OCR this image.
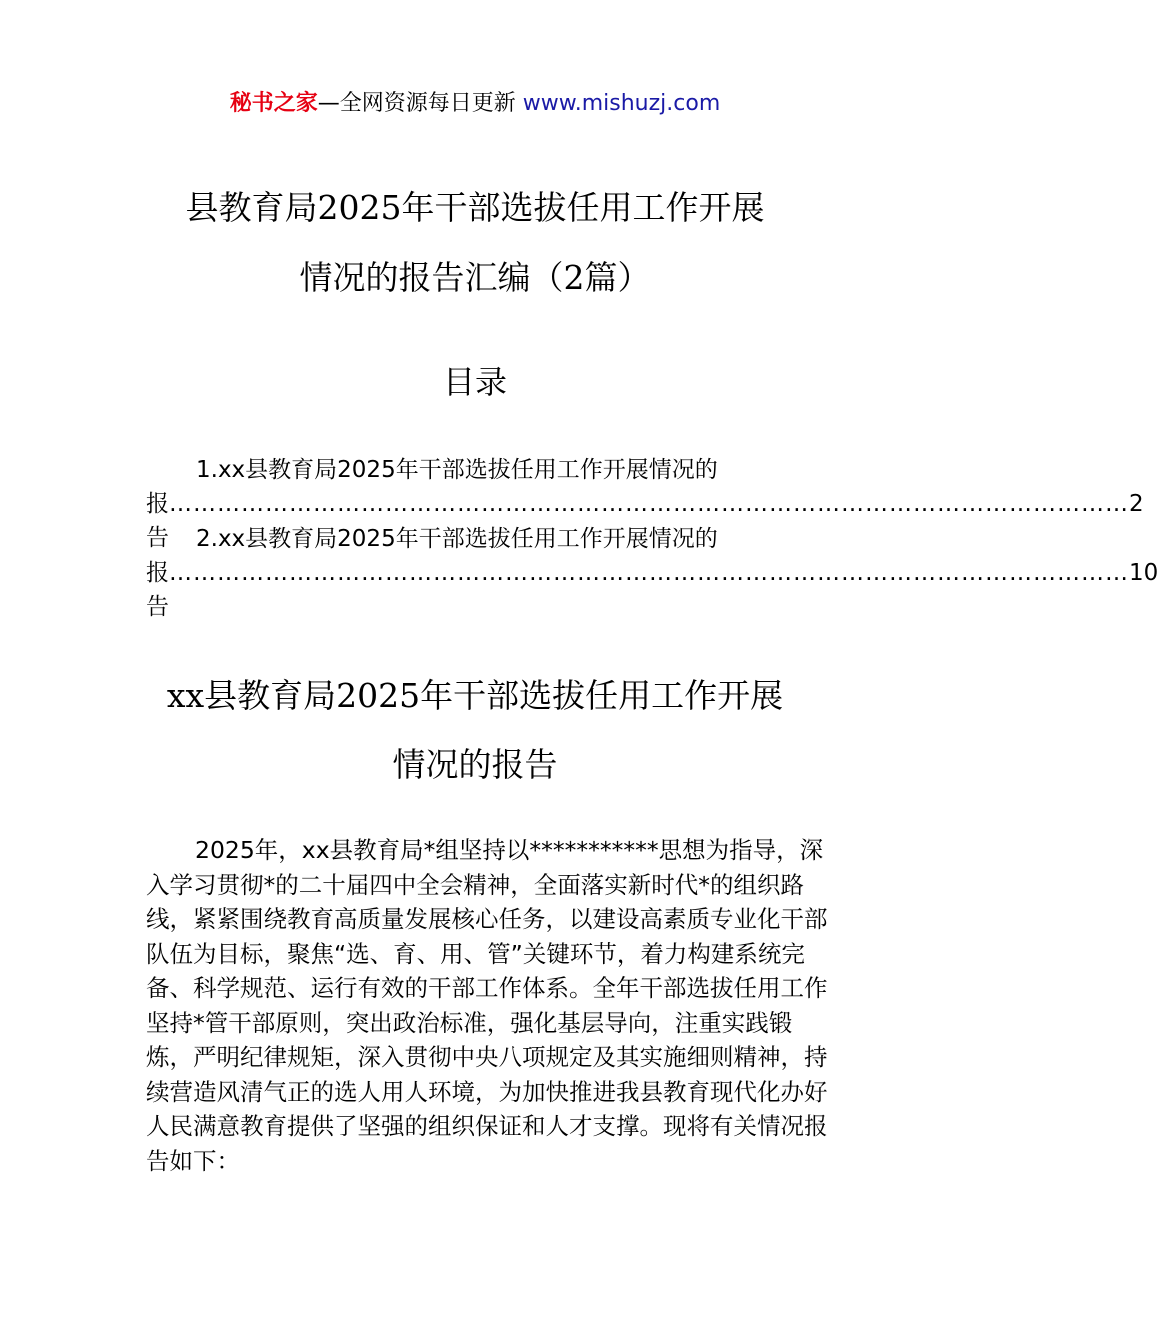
秘书之家—全网资源每日更新 www.mishuzj.com
县教育局2025年干部选拔任用工作开展
情况的报告汇编（2篇）
目录
1.xx县教育局2025年干部选拔任用工作开展情况的
报告
………………………………………………………………………………………………………… 2
2.xx县教育局2025年干部选拔任用工作开展情况的
报告
………………………………………………………………………………………………………… 10
xx县教育局2025年干部选拔任用工作开展
情况的报告

2025年，xx县教育局*组坚持以***********思想为指导，深入学习贯彻*的二十届四中全会精神，全面落实新时代*的组织路线，紧紧围绕教育高质量发展核心任务，以建设高素质专业化干部队伍为目标，聚焦“选、育、用、管”关键环节，着力构建系统完备、科学规范、运行有效的干部工作体系。全年干部选拔任用工作坚持*管干部原则，突出政治标准，强化基层导向，注重实践锻炼，严明纪律规矩，深入贯彻中央八项规定及其实施细则精神，持续营造风清气正的选人用人环境，为加快推进我县教育现代化办好人民满意教育提供了坚强的组织保证和人才支撑。现将有关情况报告如下：
